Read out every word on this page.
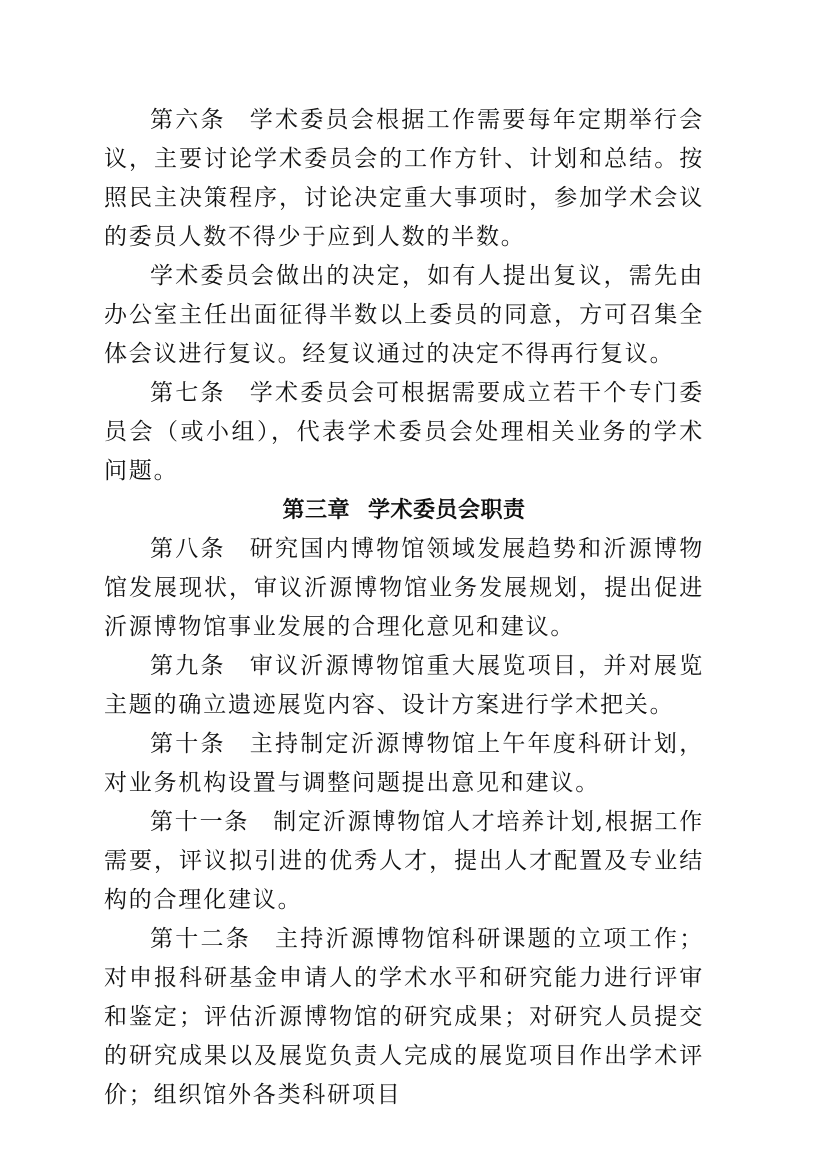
第六条 学术委员会根据工作需要每年定期举行会议，主要讨论学术委员会的工作方针、计划和总结。按照民主决策程序，讨论决定重大事项时，参加学术会议的委员人数不得少于应到人数的半数。

学术委员会做出的决定，如有人提出复议，需先由办公室主任出面征得半数以上委员的同意，方可召集全体会议进行复议。经复议通过的决定不得再行复议。

第七条 学术委员会可根据需要成立若干个专门委员会（或小组），代表学术委员会处理相关业务的学术问题。

第三章 学术委员会职责

第八条 研究国内博物馆领域发展趋势和沂源博物馆发展现状，审议沂源博物馆业务发展规划，提出促进沂源博物馆事业发展的合理化意见和建议。

第九条 审议沂源博物馆重大展览项目，并对展览主题的确立遗迹展览内容、设计方案进行学术把关。

第十条 主持制定沂源博物馆上午年度科研计划，对业务机构设置与调整问题提出意见和建议。

第十一条 制定沂源博物馆人才培养计划,根据工作需要，评议拟引进的优秀人才，提出人才配置及专业结构的合理化建议。

第十二条 主持沂源博物馆科研课题的立项工作；对申报科研基金申请人的学术水平和研究能力进行评审和鉴定；评估沂源博物馆的研究成果；对研究人员提交的研究成果以及展览负责人完成的展览项目作出学术评价；组织馆外各类科研项目
